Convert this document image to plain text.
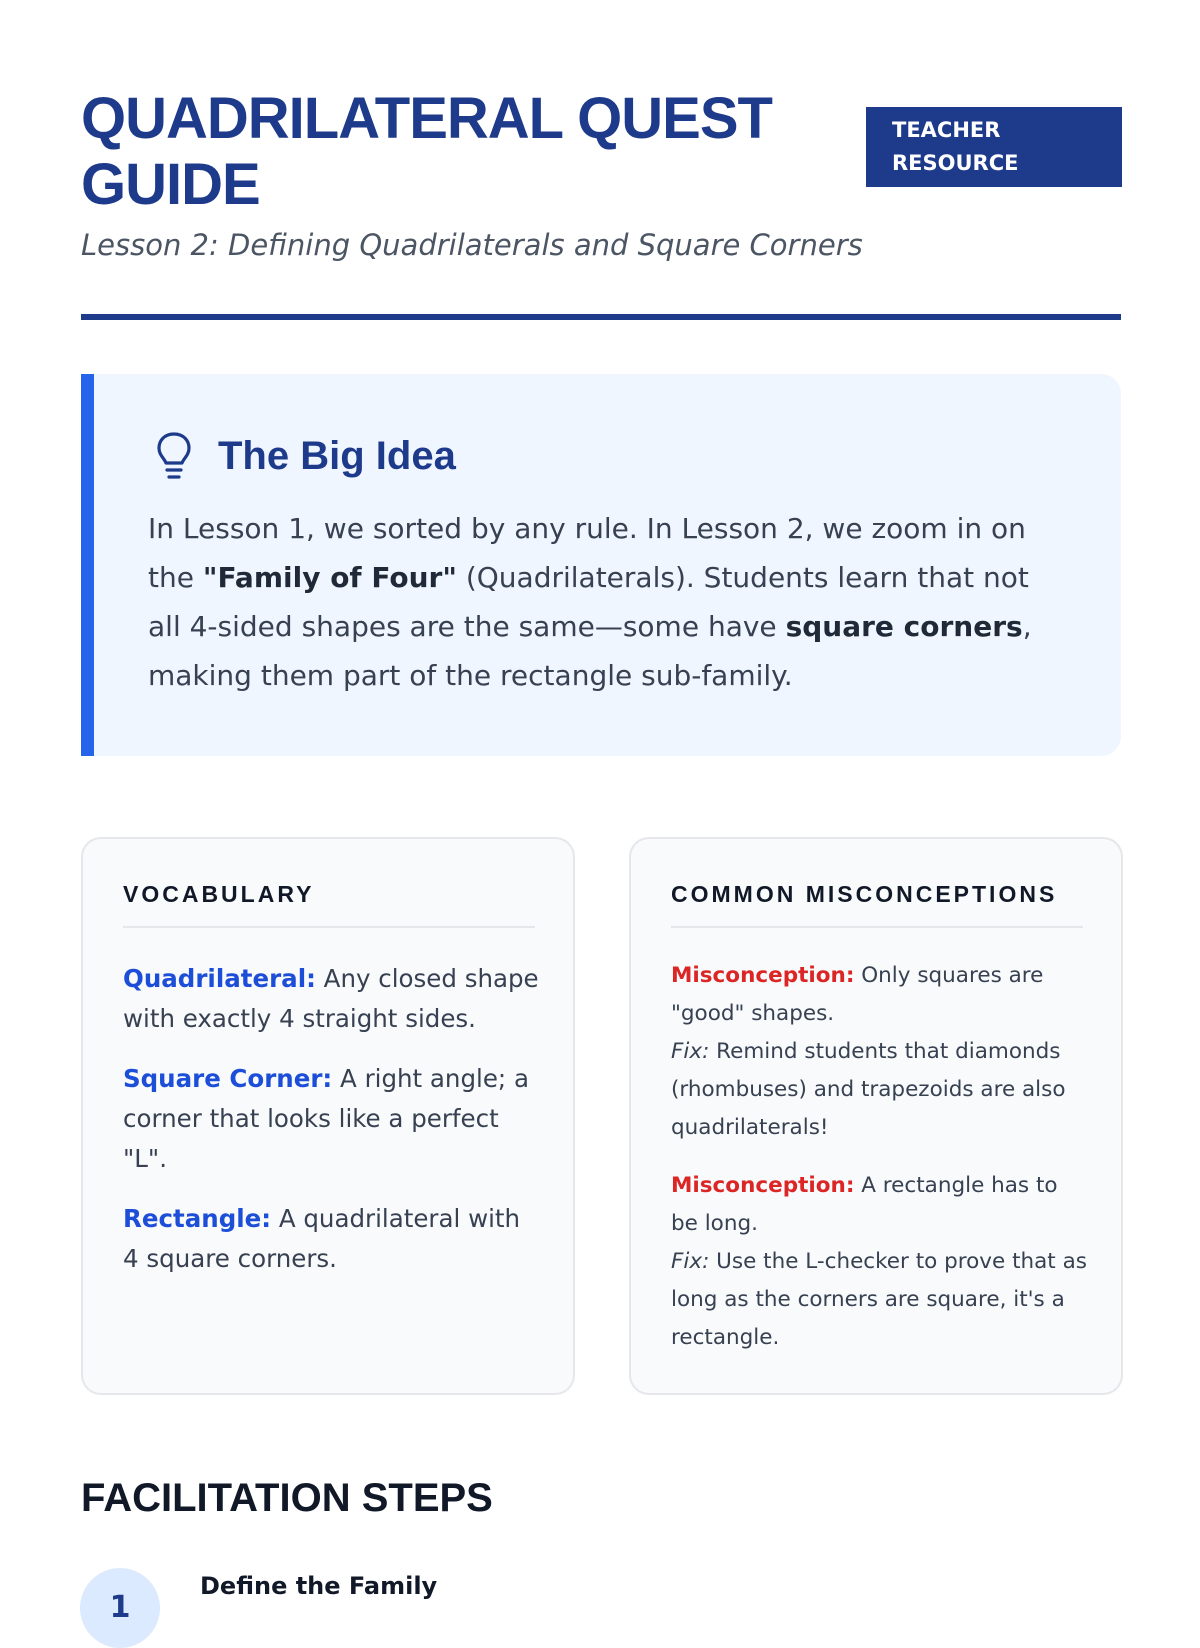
QUADRILATERAL QUEST GUIDE
TEACHER RESOURCE
Lesson 2: Defining Quadrilaterals and Square Corners
The Big Idea

In Lesson 1, we sorted by any rule. In Lesson 2, we zoom in on the "Family of Four" (Quadrilaterals). Students learn that not all 4-sided shapes are the same—some have square corners, making them part of the rectangle sub-family.

VOCABULARY

Quadrilateral: Any closed shape with exactly 4 straight sides.

Square Corner: A right angle; a corner that looks like a perfect "L".

Rectangle: A quadrilateral with 4 square corners.

COMMON MISCONCEPTIONS
Misconception: Only squares are "good" shapes.
Fix: Remind students that diamonds (rhombuses) and trapezoids are also quadrilaterals!
Misconception: A rectangle has to be long.
Fix: Use the L-checker to prove that as long as the corners are square, it's a rectangle.
FACILITATION STEPS
1
Define the Family
